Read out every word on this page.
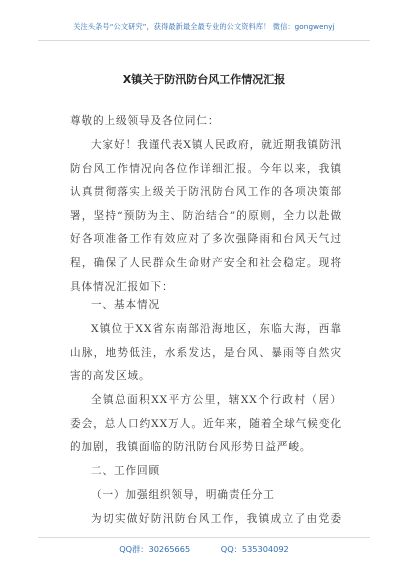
关注头条号“公文研究”，获得最新最全最专业的公文资料库！ 微信：gongwenyj
X镇关于防汛防台风工作情况汇报

尊敬的上级领导及各位同仁：

大家好！我谨代表X镇人民政府，就近期我镇防汛防台风工作情况向各位作详细汇报。今年以来，我镇认真贯彻落实上级关于防汛防台风工作的各项决策部署，坚持“预防为主、防治结合”的原则，全力以赴做好各项准备工作有效应对了多次强降雨和台风天气过程，确保了人民群众生命财产安全和社会稳定。现将具体情况汇报如下：

一、基本情况

X镇位于XX省东南部沿海地区，东临大海，西靠山脉，地势低洼，水系发达，是台风、暴雨等自然灾害的高发区域。

全镇总面积XX平方公里，辖XX个行政村（居）委会，总人口约XX万人。近年来，随着全球气候变化的加剧，我镇面临的防汛防台风形势日益严峻。

二、工作回顾

（一）加强组织领导，明确责任分工

为切实做好防汛防台风工作，我镇成立了由党委

QQ群：30265665	QQ：535304092
